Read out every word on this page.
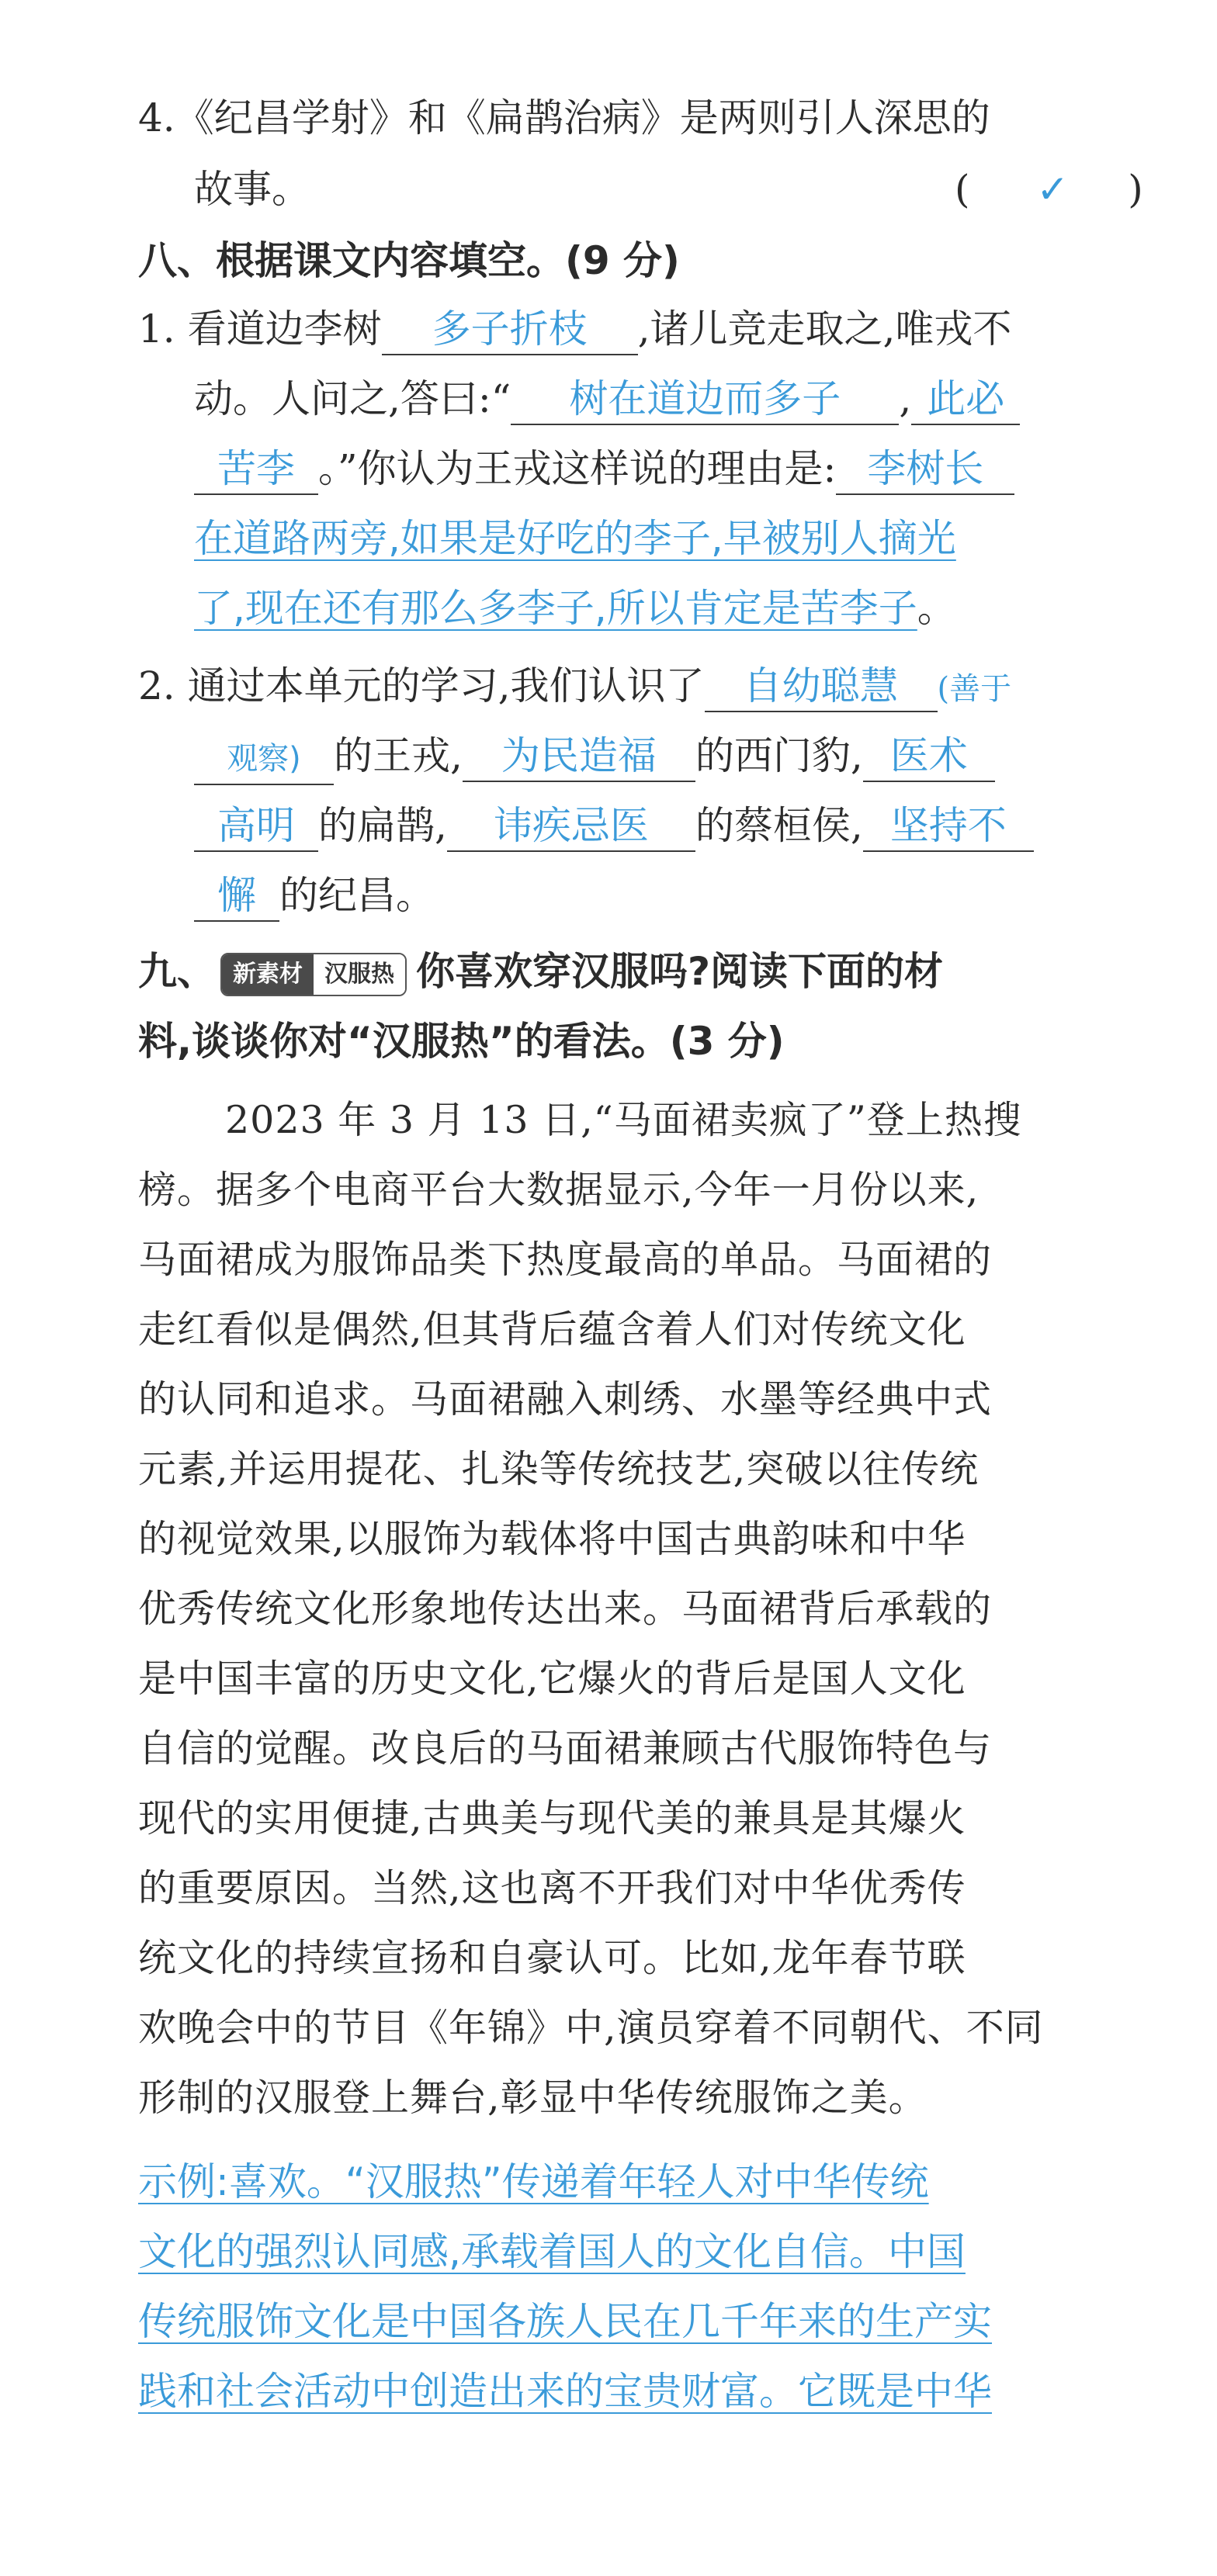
4.《纪昌学射》和《扁鹊治病》是两则引人深思的
故事。	( ✓ )
八、根据课文内容填空。(9 分)
1. 看道边李树 多子折枝 ,诸儿竞走取之,唯戎不
动。人问之,答曰:“ 树在道边而多子 , 此必
苦李 。”你认为王戎这样说的理由是: 李树长
在道路两旁,如果是好吃的李子,早被别人摘光
了,现在还有那么多李子,所以肯定是苦李子。
2. 通过本单元的学习,我们认识了 自幼聪慧 (善于
观察) 的王戎, 为民造福 的西门豹, 医术
高明 的扁鹊, 讳疾忌医 的蔡桓侯, 坚持不
懈 的纪昌。
九、 新素材 汉服热 你喜欢穿汉服吗?阅读下面的材
料,谈谈你对“汉服热”的看法。(3 分)
2023 年 3 月 13 日,“马面裙卖疯了”登上热搜
榜。据多个电商平台大数据显示,今年一月份以来,
马面裙成为服饰品类下热度最高的单品。马面裙的
走红看似是偶然,但其背后蕴含着人们对传统文化
的认同和追求。马面裙融入刺绣、水墨等经典中式
元素,并运用提花、扎染等传统技艺,突破以往传统
的视觉效果,以服饰为载体将中国古典韵味和中华
优秀传统文化形象地传达出来。马面裙背后承载的
是中国丰富的历史文化,它爆火的背后是国人文化
自信的觉醒。改良后的马面裙兼顾古代服饰特色与
现代的实用便捷,古典美与现代美的兼具是其爆火
的重要原因。当然,这也离不开我们对中华优秀传
统文化的持续宣扬和自豪认可。比如,龙年春节联
欢晚会中的节目《年锦》中,演员穿着不同朝代、不同
形制的汉服登上舞台,彰显中华传统服饰之美。
示例:喜欢。“汉服热”传递着年轻人对中华传统
文化的强烈认同感,承载着国人的文化自信。中国
传统服饰文化是中国各族人民在几千年来的生产实
践和社会活动中创造出来的宝贵财富。它既是中华
